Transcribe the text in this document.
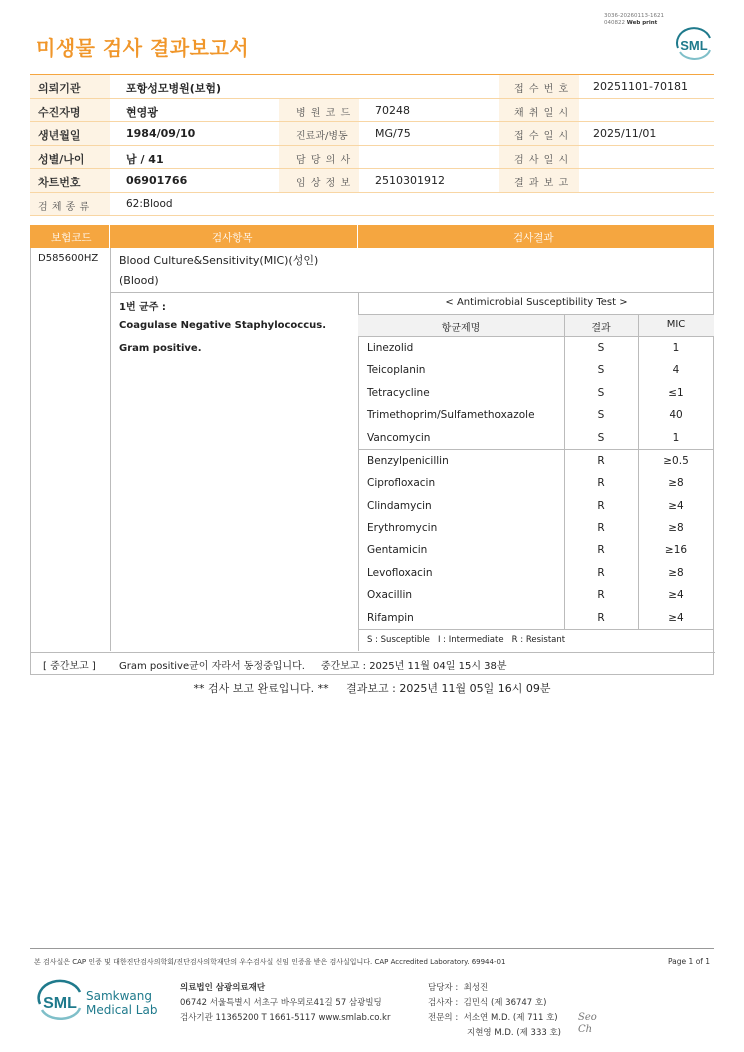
3036-20260113-1621
040822 Web print
미생물 검사 결과보고서	SML
의뢰기관	포항성모병원(보험)	접 수 번 호 20251101-70181
수진자명	현영광	병 원 코 드 70248	채 취 일 시
생년월일	1984/09/10	진료과/병동 MG/75	접 수 일 시 2025/11/01
성별/나이	남 / 41	담 당 의 사	검 사 일 시
차트번호	06901766	임 상 정 보 2510301912	결 과 보 고
검 체 종 류	62:Blood
보험코드	검사항목	검사결과
D585600HZ Blood Culture&Sensitivity(MIC)(성인)
(Blood)
1번 균주 :
Coagulase Negative Staphylococcus.
Gram positive.
< Antimicrobial Susceptibility Test >
항균제명	결과	MIC
Linezolid	S	1
Teicoplanin	S	4
Tetracycline	S	≤1
Trimethoprim/Sulfamethoxazole	S	40
Vancomycin	S	1
Benzylpenicillin	R	≥0.5
Ciprofloxacin	R	≥8
Clindamycin	R	≥4
Erythromycin	R	≥8
Gentamicin	R	≥16
Levofloxacin	R	≥8
Oxacillin	R	≥4
Rifampin	R	≥4
S : Susceptible   I : Intermediate   R : Resistant
[ 중간보고 ] Gram positive균이 자라서 동정중입니다.     중간보고 : 2025년 11월 04일 15시 38분
** 검사 보고 완료입니다. **     결과보고 : 2025년 11월 05일 16시 09분
본 검사실은 CAP 인증 및 대한진단검사의학회/진단검사의학재단의 우수검사실 신임 인증을 받은 검사실입니다. CAP Accredited Laboratory. 69944-01	Page 1 of 1
SML Samkwang
Medical Lab
의료법인 삼광의료재단
06742 서울특별시 서초구 바우뫼로41길 57 삼광빌딩
검사기관 11365200 T 1661-5117 www.smlab.co.kr
담당자 : 최성진
검사자 : 김민식 (제 36747 호)
전문의 : 서소연 M.D. (제 711 호)
지현영 M.D. (제 333 호)
Seo Ch
